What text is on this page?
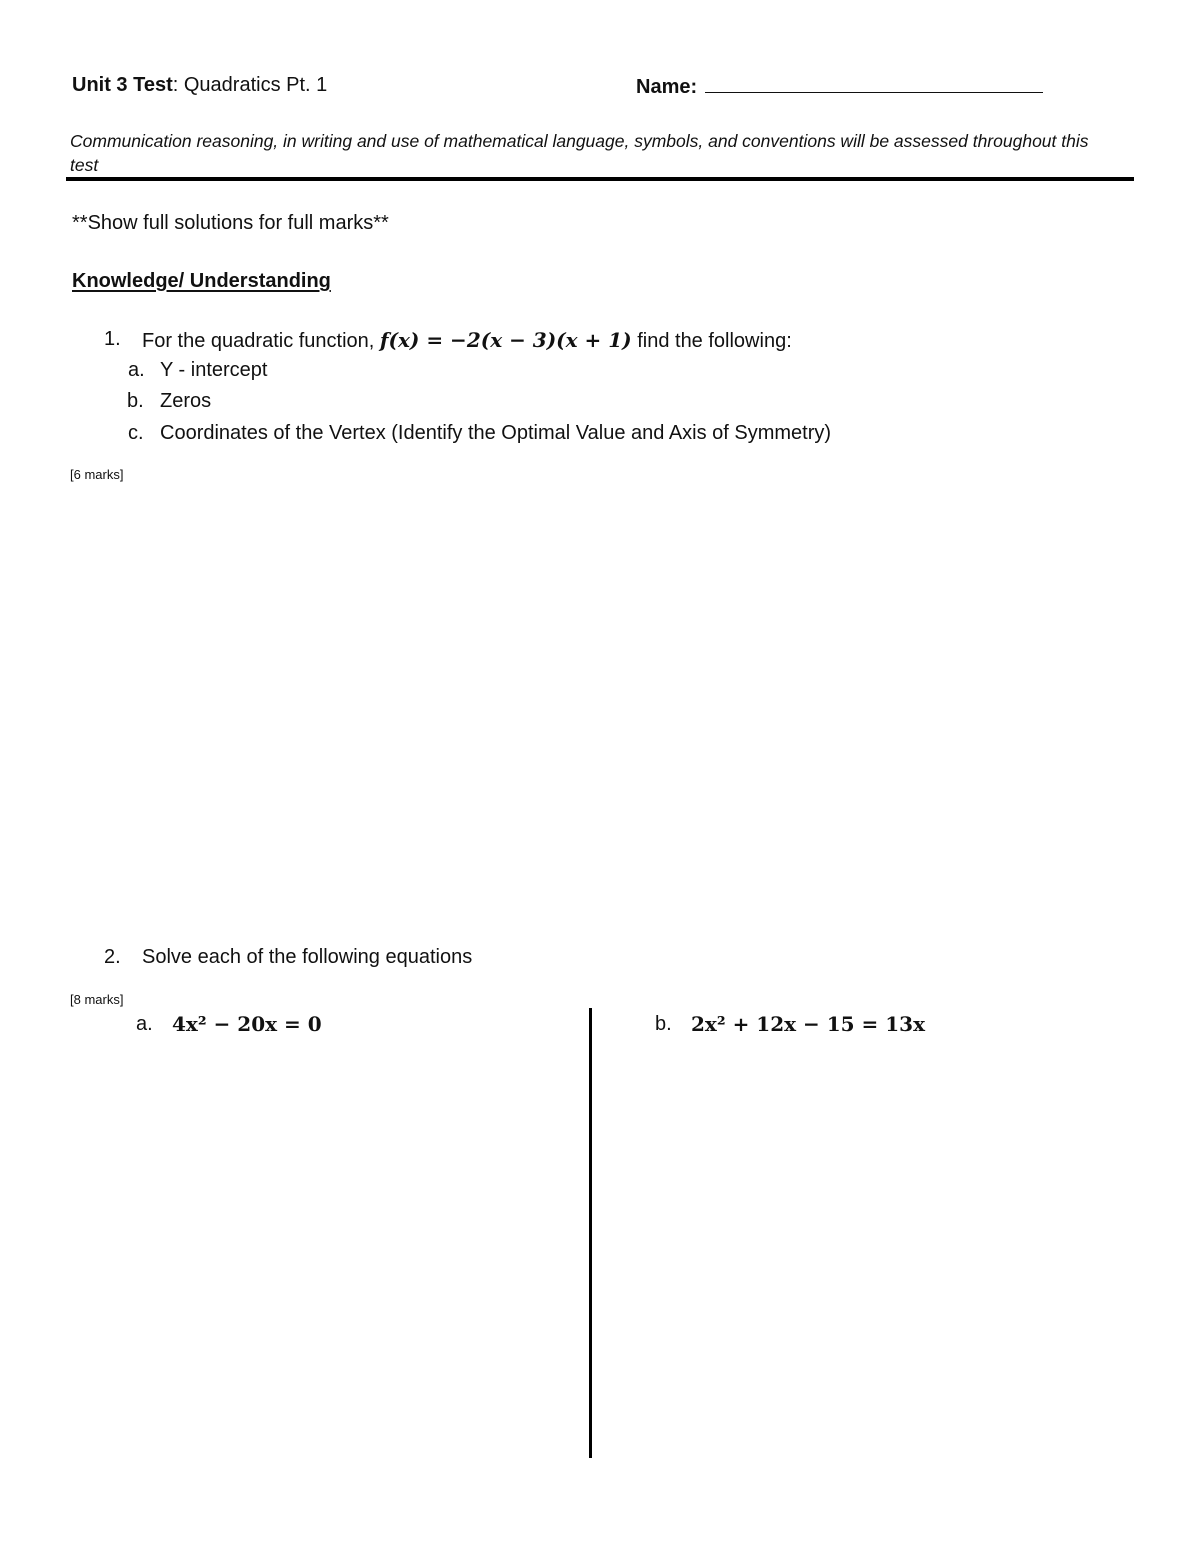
Unit 3 Test: Quadratics Pt. 1	Name:
Communication reasoning, in writing and use of mathematical language, symbols, and conventions will be assessed throughout this test
**Show full solutions for full marks**
Knowledge/ Understanding
1. For the quadratic function, f(x) = −2(x − 3)(x + 1) find the following:
a. Y - intercept
b. Zeros
c. Coordinates of the Vertex (Identify the Optimal Value and Axis of Symmetry)
[6 marks]
2. Solve each of the following equations
[8 marks]
a. 4x² − 20x = 0	b. 2x² + 12x − 15 = 13x
